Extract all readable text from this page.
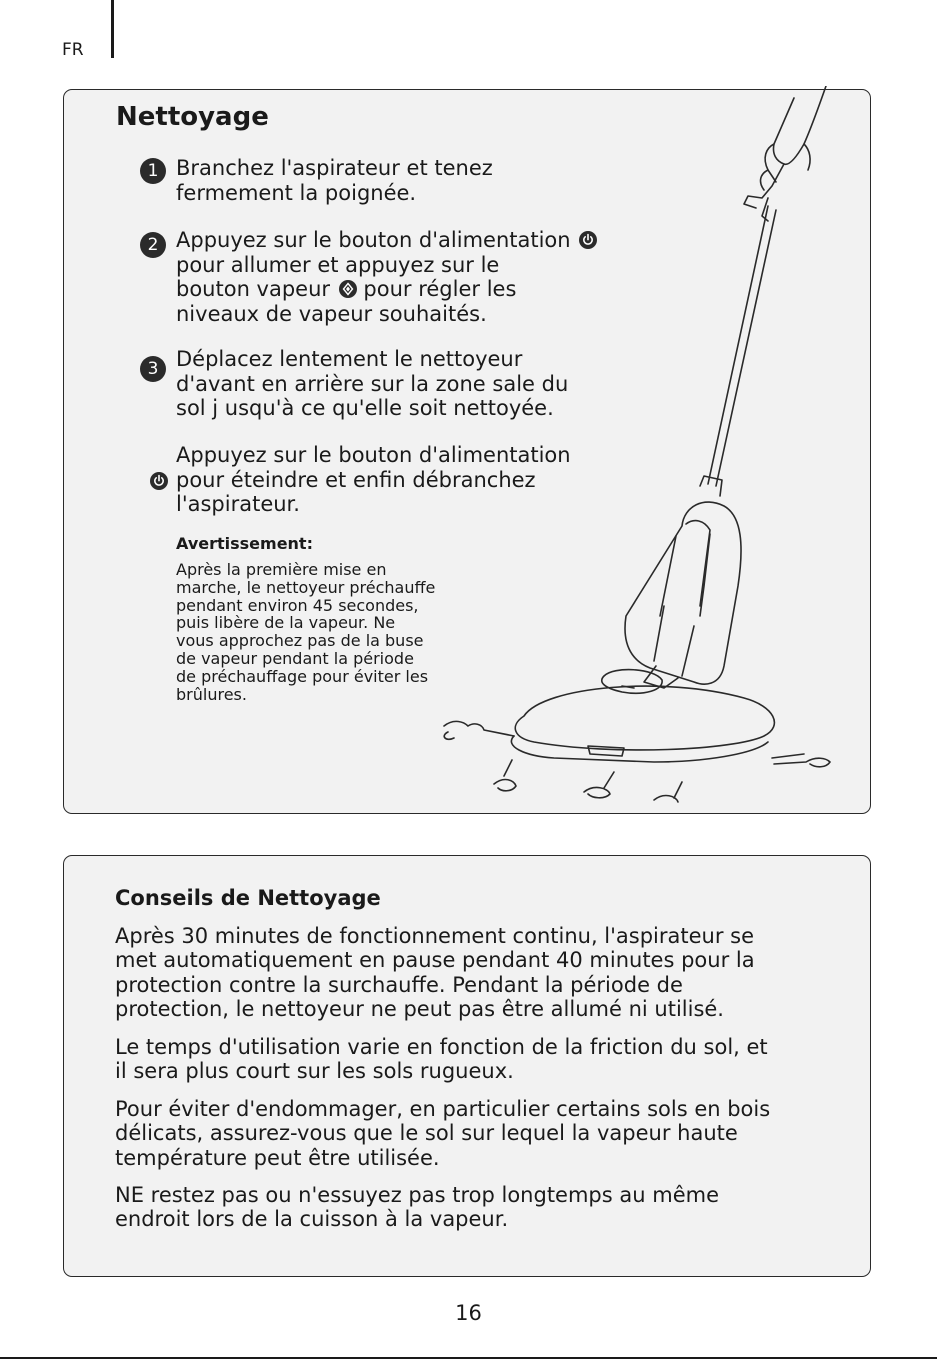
FR
Nettoyage
1 Branchez l'aspirateur et tenez
fermement la poignée.
2 Appuyez sur le bouton d'alimentation
pour allumer et appuyez sur le
bouton vapeur pour régler les
niveaux de vapeur souhaités.
3 Déplacez lentement le nettoyeur
d'avant en arrière sur la zone sale du
sol j usqu'à ce qu'elle soit nettoyée.
Appuyez sur le bouton d'alimentation
pour éteindre et enfin débranchez
l'aspirateur.
Avertissement:
Après la première mise en
marche, le nettoyeur préchauffe
pendant environ 45 secondes,
puis libère de la vapeur. Ne
vous approchez pas de la buse
de vapeur pendant la période
de préchauffage pour éviter les
brûlures.
Conseils de Nettoyage
Après 30 minutes de fonctionnement continu, l'aspirateur se
met automatiquement en pause pendant 40 minutes pour la
protection contre la surchauffe. Pendant la période de
protection, le nettoyeur ne peut pas être allumé ni utilisé.
Le temps d'utilisation varie en fonction de la friction du sol, et
il sera plus court sur les sols rugueux.
Pour éviter d'endommager, en particulier certains sols en bois
délicats, assurez-vous que le sol sur lequel la vapeur haute
température peut être utilisée.
NE restez pas ou n'essuyez pas trop longtemps au même
endroit lors de la cuisson à la vapeur.
16
